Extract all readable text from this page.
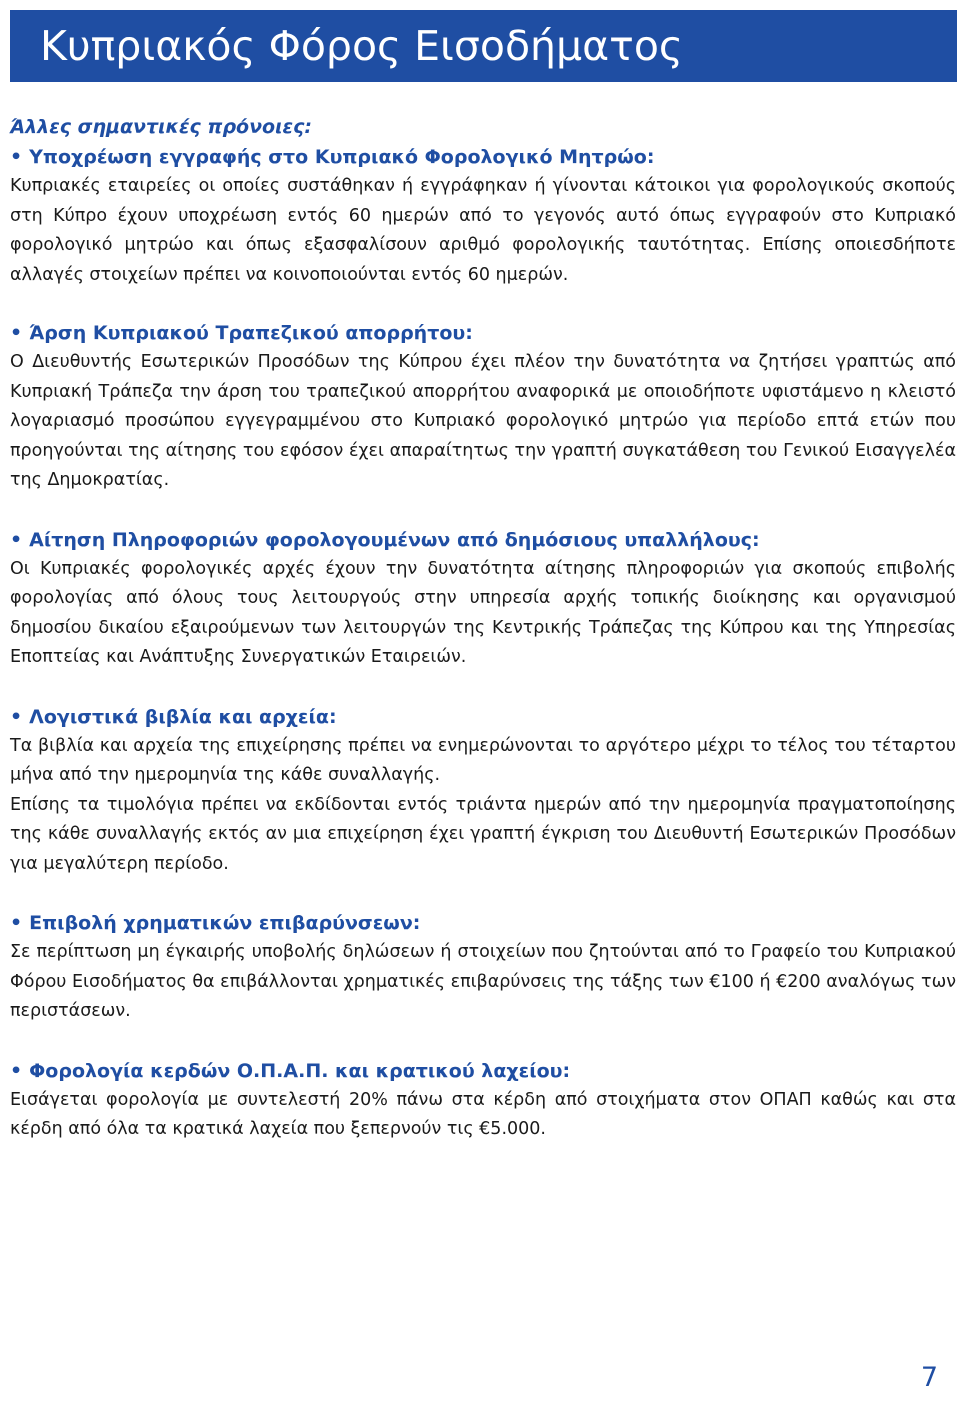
Κυπριακός Φόρος Εισοδήματος

Άλλες σημαντικές πρόνοιες:

• Υποχρέωση εγγραφής στο Κυπριακό Φορολογικό Μητρώο:

Κυπριακές εταιρείες οι οποίες συστάθηκαν ή εγγράφηκαν ή γίνονται κάτοικοι για φορολογικούς σκοπούς στη Κύπρο έχουν υποχρέωση εντός 60 ημερών από το γεγονός αυτό όπως εγγραφούν στο Κυπριακό φορολογικό μητρώο και όπως εξασφαλίσουν αριθμό φορολογικής ταυτότητας. Επίσης οποιεσδήποτε αλλαγές στοιχείων πρέπει να κοινοποιούνται εντός 60 ημερών.

• Άρση Κυπριακού Τραπεζικού απορρήτου:

Ο Διευθυντής Εσωτερικών Προσόδων της Κύπρου έχει πλέον την δυνατότητα να ζητήσει γραπτώς από Κυπριακή Τράπεζα την άρση του τραπεζικού απορρήτου αναφορικά με οποιοδήποτε υφιστάμενο η κλειστό λογαριασμό προσώπου εγγεγραμμένου στο Κυπριακό φορολογικό μητρώο για περίοδο επτά ετών που προηγούνται της αίτησης του εφόσον έχει απαραίτητως την γραπτή συγκατάθεση του Γενικού Εισαγγελέα της Δημοκρατίας.

• Αίτηση Πληροφοριών φορολογουμένων από δημόσιους υπαλλήλους:

Οι Κυπριακές φορολογικές αρχές έχουν την δυνατότητα αίτησης πληροφοριών για σκοπούς επιβολής φορολογίας από όλους τους λειτουργούς στην υπηρεσία αρχής τοπικής διοίκησης και οργανισμού δημοσίου δικαίου εξαιρούμενων των λειτουργών της Κεντρικής Τράπεζας της Κύπρου και της Υπηρεσίας Εποπτείας και Ανάπτυξης Συνεργατικών Εταιρειών.

• Λογιστικά βιβλία και αρχεία:

Τα βιβλία και αρχεία της επιχείρησης πρέπει να ενημερώνονται το αργότερο μέχρι το τέλος του τέταρτου μήνα από την ημερομηνία της κάθε συναλλαγής.

Επίσης τα τιμολόγια πρέπει να εκδίδονται εντός τριάντα ημερών από την ημερομηνία πραγματοποίησης της κάθε συναλλαγής εκτός αν μια επιχείρηση έχει γραπτή έγκριση του Διευθυντή Εσωτερικών Προσόδων για μεγαλύτερη περίοδο.

• Επιβολή χρηματικών επιβαρύνσεων:

Σε περίπτωση μη έγκαιρής υποβολής δηλώσεων ή στοιχείων που ζητούνται από το Γραφείο του Κυπριακού Φόρου Εισοδήματος θα επιβάλλονται χρηματικές επιβαρύνσεις της τάξης των €100 ή €200 αναλόγως των περιστάσεων.

• Φορολογία κερδών Ο.Π.Α.Π. και κρατικού λαχείου:

Εισάγεται φορολογία με συντελεστή 20% πάνω στα κέρδη από στοιχήματα στον ΟΠΑΠ καθώς και στα κέρδη από όλα τα κρατικά λαχεία που ξεπερνούν τις €5.000.

7
